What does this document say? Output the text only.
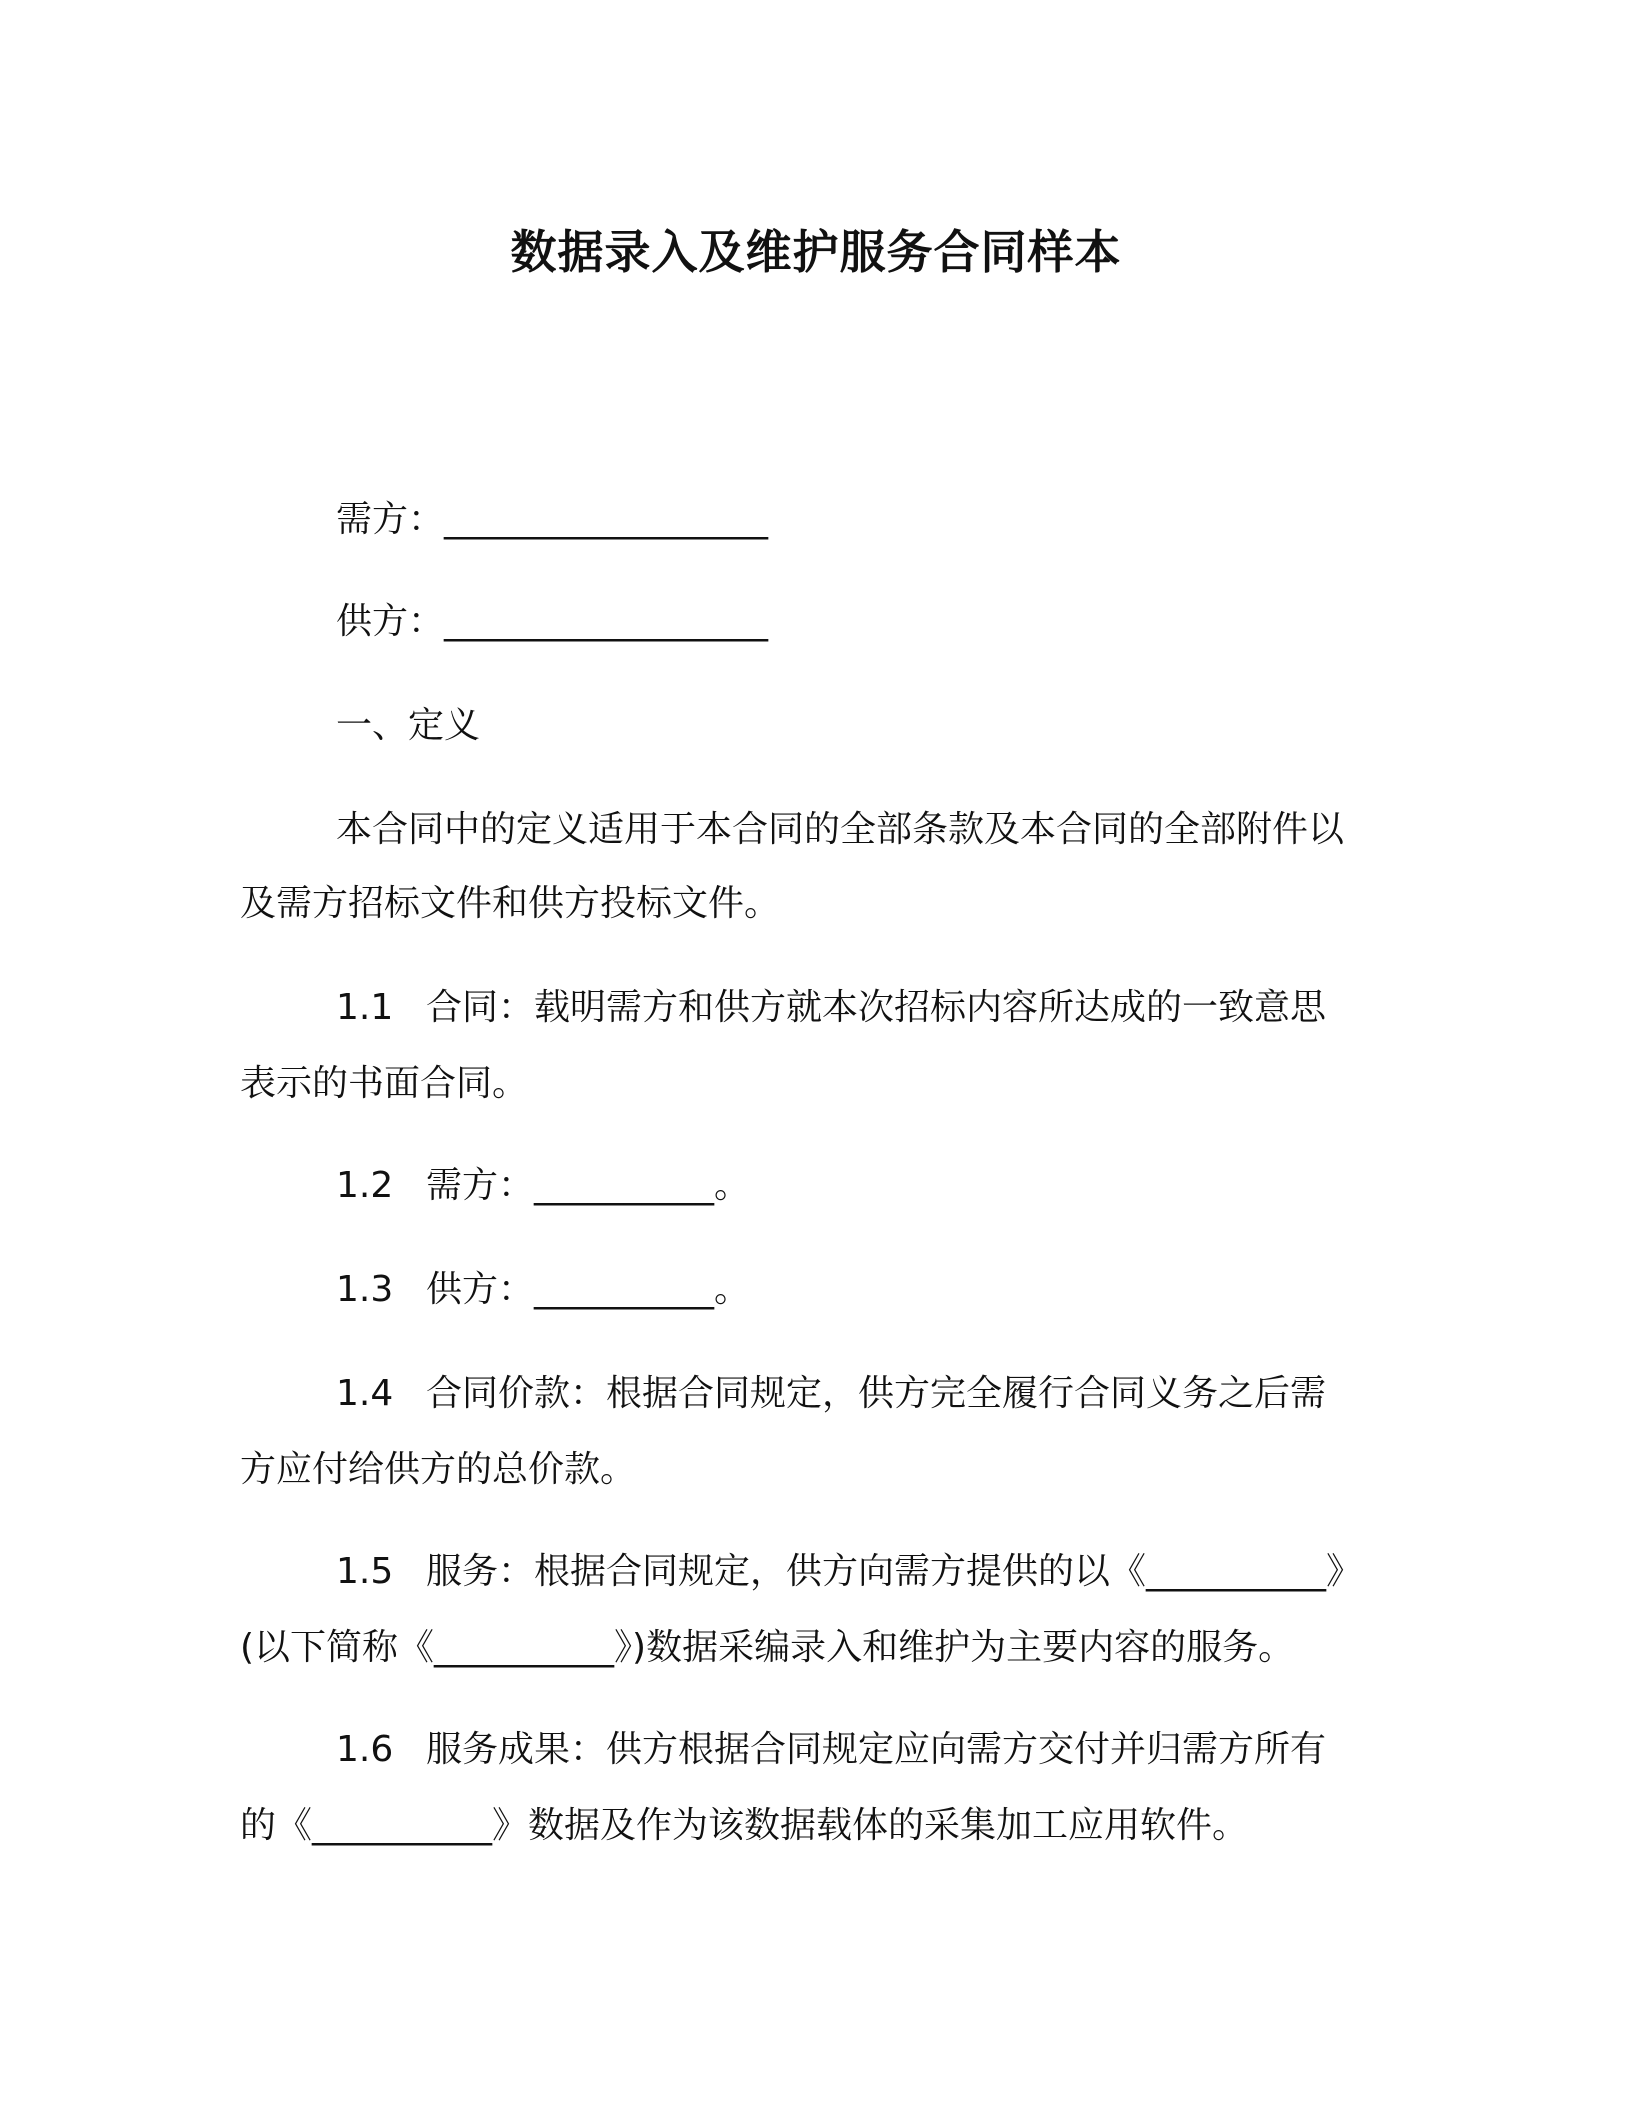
数据录入及维护服务合同样本
需方：__________________
供方：__________________
一、定义
本合同中的定义适用于本合同的全部条款及本合同的全部附件以
及需方招标文件和供方投标文件。
1.1 合同：载明需方和供方就本次招标内容所达成的一致意思
表示的书面合同。
1.2 需方：__________。
1.3 供方：__________。
1.4 合同价款：根据合同规定，供方完全履行合同义务之后需
方应付给供方的总价款。
1.5 服务：根据合同规定，供方向需方提供的以《__________》
(以下简称《__________》)数据采编录入和维护为主要内容的服务。
1.6 服务成果：供方根据合同规定应向需方交付并归需方所有
的《__________》数据及作为该数据载体的采集加工应用软件。
